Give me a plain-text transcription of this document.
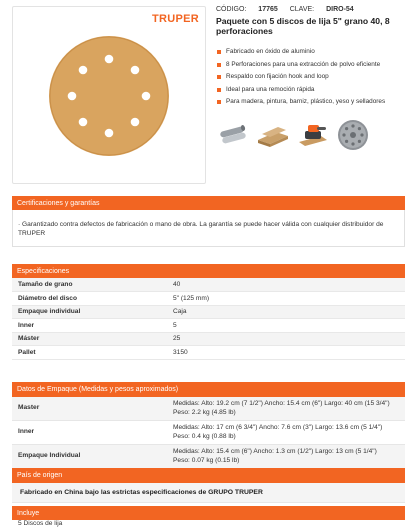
TRUPER
CÓDIGO: 17765 CLAVE: DIRO-54
Paquete con 5 discos de lija 5" grano 40, 8 perforaciones
Fabricado en óxido de aluminio
8 Perforaciones para una extracción de polvo eficiente
Respaldo con fijación hook and loop
Ideal para una remoción rápida
Para madera, pintura, barniz, plástico, yeso y selladores
Certificaciones y garantías
· Garantizado contra defectos de fabricación o mano de obra. La garantía se puede hacer válida con cualquier distribuidor de TRUPER
Especificaciones
Tamaño de grano	40
Diámetro del disco	5" (125 mm)
Empaque individual	Caja
Inner	5
Máster	25
Pallet	3150
Datos de Empaque (Medidas y pesos aproximados)
Master	Medidas: Alto: 19.2 cm (7 1/2") Ancho: 15.4 cm (6") Largo: 40 cm (15 3/4")
Peso: 2.2 kg (4.85 lb)

Inner	Medidas: Alto: 17 cm (6 3/4") Ancho: 7.6 cm (3") Largo: 13.6 cm (5 1/4")
Peso: 0.4 kg (0.88 lb)

Empaque Individual	Medidas: Alto: 15.4 cm (6") Ancho: 1.3 cm (1/2") Largo: 13 cm (5 1/4")
Peso: 0.07 kg (0.15 lb)
País de origen
Fabricado en China bajo las estrictas especificaciones de GRUPO TRUPER
Incluye
5 Discos de lija
